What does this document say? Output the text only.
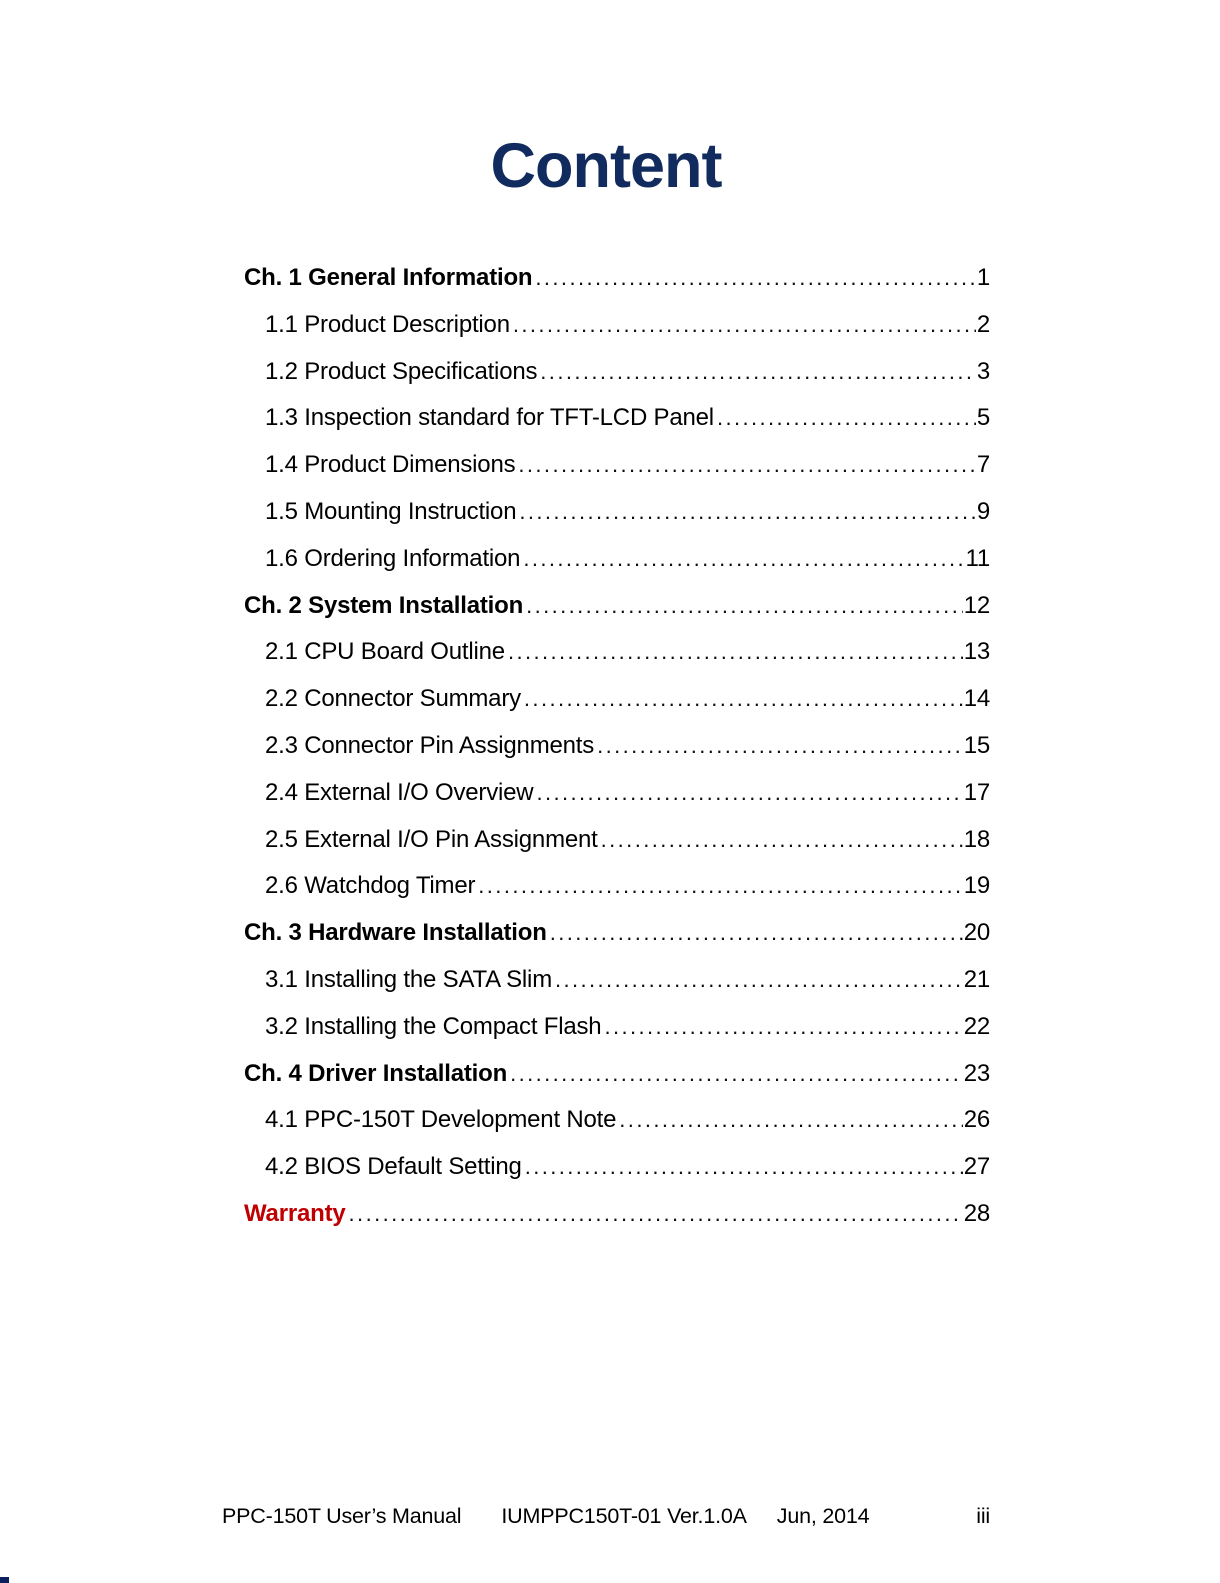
Content
Ch. 1 General Information .....	1
1.1 Product Description .....	2
1.2 Product Specifications .....	3
1.3 Inspection standard for TFT-LCD Panel .....	5
1.4 Product Dimensions .....	7
1.5 Mounting Instruction .....	9
1.6 Ordering Information .....	11
Ch. 2 System Installation .....	12
2.1 CPU Board Outline .....	13
2.2 Connector Summary .....	14
2.3 Connector Pin Assignments .....	15
2.4 External I/O Overview .....	17
2.5 External I/O Pin Assignment .....	18
2.6 Watchdog Timer .....	19
Ch. 3 Hardware Installation .....	20
3.1 Installing the SATA Slim .....	21
3.2 Installing the Compact Flash .....	22
Ch. 4 Driver Installation .....	23
4.1 PPC-150T Development Note .....	26
4.2 BIOS Default Setting .....	27
Warranty .....	28
PPC-150T User’s Manual IUMPPC150T-01 Ver.1.0A Jun, 2014	iii
